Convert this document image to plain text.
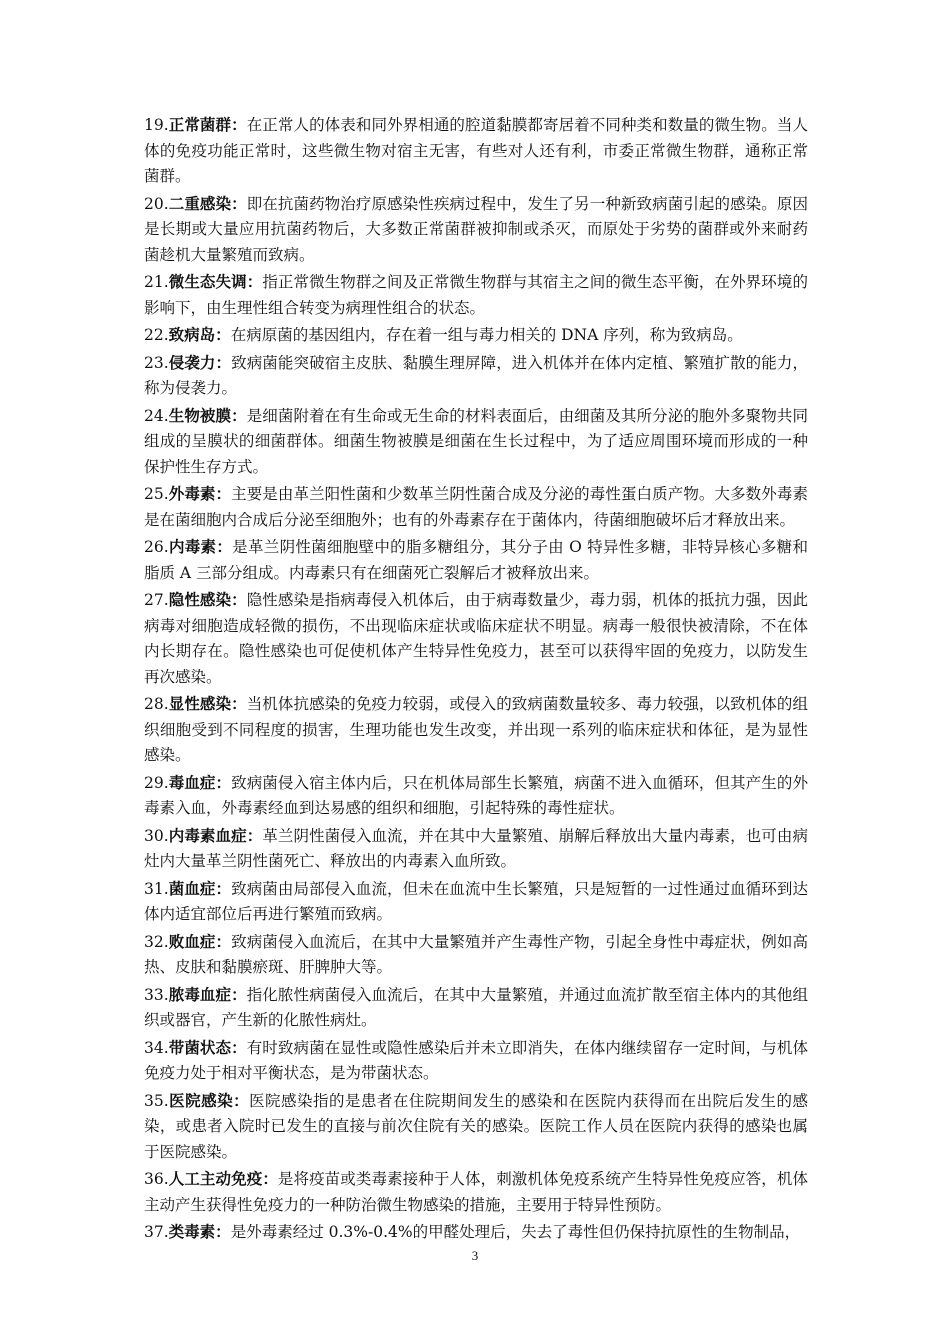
19.正常菌群：在正常人的体表和同外界相通的腔道黏膜都寄居着不同种类和数量的微生物。当人体的免疫功能正常时，这些微生物对宿主无害，有些对人还有利，市委正常微生物群，通称正常菌群。

20.二重感染：即在抗菌药物治疗原感染性疾病过程中，发生了另一种新致病菌引起的感染。原因是长期或大量应用抗菌药物后，大多数正常菌群被抑制或杀灭，而原处于劣势的菌群或外来耐药菌趁机大量繁殖而致病。

21.微生态失调：指正常微生物群之间及正常微生物群与其宿主之间的微生态平衡，在外界环境的影响下，由生理性组合转变为病理性组合的状态。

22.致病岛：在病原菌的基因组内，存在着一组与毒力相关的 DNA 序列，称为致病岛。

23.侵袭力：致病菌能突破宿主皮肤、黏膜生理屏障，进入机体并在体内定植、繁殖扩散的能力，称为侵袭力。

24.生物被膜：是细菌附着在有生命或无生命的材料表面后，由细菌及其所分泌的胞外多聚物共同组成的呈膜状的细菌群体。细菌生物被膜是细菌在生长过程中，为了适应周围环境而形成的一种保护性生存方式。

25.外毒素：主要是由革兰阳性菌和少数革兰阴性菌合成及分泌的毒性蛋白质产物。大多数外毒素是在菌细胞内合成后分泌至细胞外；也有的外毒素存在于菌体内，待菌细胞破坏后才释放出来。

26.内毒素：是革兰阴性菌细胞壁中的脂多糖组分，其分子由 O 特异性多糖，非特异核心多糖和脂质 A 三部分组成。内毒素只有在细菌死亡裂解后才被释放出来。

27.隐性感染：隐性感染是指病毒侵入机体后，由于病毒数量少，毒力弱，机体的抵抗力强，因此病毒对细胞造成轻微的损伤，不出现临床症状或临床症状不明显。病毒一般很快被清除，不在体内长期存在。隐性感染也可促使机体产生特异性免疫力，甚至可以获得牢固的免疫力，以防发生再次感染。

28.显性感染：当机体抗感染的免疫力较弱，或侵入的致病菌数量较多、毒力较强，以致机体的组织细胞受到不同程度的损害，生理功能也发生改变，并出现一系列的临床症状和体征，是为显性感染。

29.毒血症：致病菌侵入宿主体内后，只在机体局部生长繁殖，病菌不进入血循环，但其产生的外毒素入血，外毒素经血到达易感的组织和细胞，引起特殊的毒性症状。

30.内毒素血症：革兰阴性菌侵入血流，并在其中大量繁殖、崩解后释放出大量内毒素，也可由病灶内大量革兰阴性菌死亡、释放出的内毒素入血所致。

31.菌血症：致病菌由局部侵入血流，但未在血流中生长繁殖，只是短暂的一过性通过血循环到达体内适宜部位后再进行繁殖而致病。

32.败血症：致病菌侵入血流后，在其中大量繁殖并产生毒性产物，引起全身性中毒症状，例如高热、皮肤和黏膜瘀斑、肝脾肿大等。

33.脓毒血症：指化脓性病菌侵入血流后，在其中大量繁殖，并通过血流扩散至宿主体内的其他组织或器官，产生新的化脓性病灶。

34.带菌状态：有时致病菌在显性或隐性感染后并未立即消失，在体内继续留存一定时间，与机体免疫力处于相对平衡状态，是为带菌状态。

35.医院感染：医院感染指的是患者在住院期间发生的感染和在医院内获得而在出院后发生的感染，或患者入院时已发生的直接与前次住院有关的感染。医院工作人员在医院内获得的感染也属于医院感染。

36.人工主动免疫：是将疫苗或类毒素接种于人体，刺激机体免疫系统产生特异性免疫应答，机体主动产生获得性免疫力的一种防治微生物感染的措施，主要用于特异性预防。

37.类毒素：是外毒素经过 0.3%-0.4%的甲醛处理后，失去了毒性但仍保持抗原性的生物制品，

3
